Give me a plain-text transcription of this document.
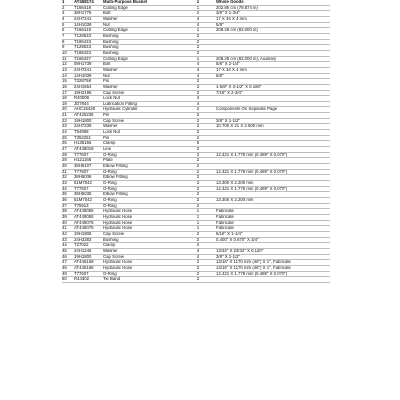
1	AT468174	Multi-Purpose Bucket	1	Whole Goods
2	T166418	Cutting Edge	1	202.86 cm (79.874 in)
3	38H1776	Bolt	2	3/8" X 1-3/4"
4	24H7241	Washer	4	17 X 34 X 4 mm
5	14H1039	Nut	4	5/8"
6	T166419	Cutting Edge	1	208.28 cm (82.000 in)
7	T128533	Bushing	2	
8	T186433	Bushing	2	
9	T128533	Bushing	2	
10	T186433	Bushing	2	
11	T166437	Cutting Edge	1	208.28 cm (82.000 in), Auxiliary
12	08H1739	Bolt	4	5/8" X 2-1/4"
13	24H7241	Washer	4	17 X 34 X 4 mm
14	14H1039	Nut	4	5/8"
15	T328758	Pin	2	
16	24H1554	Washer	2	1-5/8" X 3-1/2" X 0.180"
17	19H2196	Cap Screw	2	7/16" X 2-3/4"
18	R40008	Lock Nut	4	
19	JD7844	Lubrication Fitting	4	
20	AHC15428	Hydraulic Cylinder	2	Components On Separate Page
21	AT425236	Pin	2	
22	19H1800	Cap Screw	2	3/8" X 1-1/2"
23	24H7239	Washer	2	10.700 X 21 X 2.500 mm
24	T54968	Lock Nut	2	
25	T352251	Pin	2	
26	H135156	Clamp	6	
27	AT448018	Line	2	
28	T77607	O-Ring	2	12.421 X 1.778 mm (0.489" X 0.070")
29	H121168	Plate	2	
30	38H5107	Elbow Fitting	2	
31	T77607	O-Ring	2	12.421 X 1.778 mm (0.489" X 0.070")
32	38H5036	Elbow Fitting	2	
33	51M7042	O-Ring	2	13.300 X 2.200 mm
34	T77607	O-Ring	2	12.421 X 1.778 mm (0.489" X 0.070")
35	38H5035	Elbow Fitting	2	
36	51M7042	O-Ring	2	13.300 X 2.200 mm
37	T75913	O-Ring	2	
38	AT448055	Hydraulic Hose	1	Fabricate
39	AT448055	Hydraulic Hose	1	Fabricate
40	AT448075	Hydraulic Hose	1	Fabricate
41	AT448075	Hydraulic Hose	1	Fabricate
42	19H1906	Cap Screw	2	5/16" X 1-1/4"
43	24H3383	Bushing	2	0.400" X 0.670" X 3/4"
44	T27022	Clamp	2	
45	24H1246	Washer	4	13/32" X 23/32" X 0.120"
46	19H1800	Cap Screw	4	3/8" X 1-1/2"
47	AT446168	Hydraulic Hose	2	13/16" X 1170 mm (46") X 1", Fabricate
48	AT446168	Hydraulic Hose	2	13/16" X 1170 mm (46") X 1", Fabricate
49	T77607	O-Ring	2	12.421 X 1.778 mm (0.489" X 0.070")
50	R44302	Tie Band	2	
